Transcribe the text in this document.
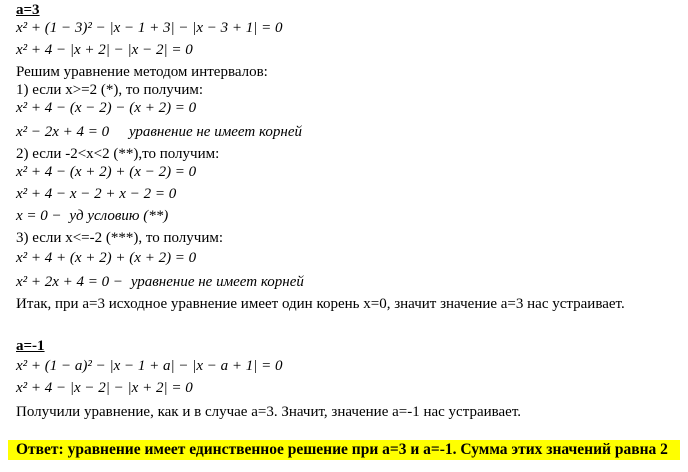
a=3
x² + (1 − 3)² − |x − 1 + 3| − |x − 3 + 1| = 0
x² + 4 − |x + 2| − |x − 2| = 0
Решим уравнение методом интервалов:
1) если x>=2 (*), то получим:
x² + 4 − (x − 2) − (x + 2) = 0
x² − 2x + 4 = 0 уравнение не имеет корней
2) если -2<x<2 (**),то получим:
x² + 4 − (x + 2) + (x − 2) = 0
x² + 4 − x − 2 + x − 2 = 0
x = 0 − уд условию (**)
3) если x<=-2 (***), то получим:
x² + 4 + (x + 2) + (x + 2) = 0
x² + 2x + 4 = 0 − уравнение не имеет корней
Итак, при а=3 исходное уравнение имеет один корень х=0, значит значение а=3 нас устраивает.
a=-1
x² + (1 − a)² − |x − 1 + a| − |x − a + 1| = 0
x² + 4 − |x − 2| − |x + 2| = 0
Получили уравнение, как и в случае а=3. Значит, значение а=-1 нас устраивает.
Ответ: уравнение имеет единственное решение при а=3 и а=-1. Сумма этих значений равна 2
